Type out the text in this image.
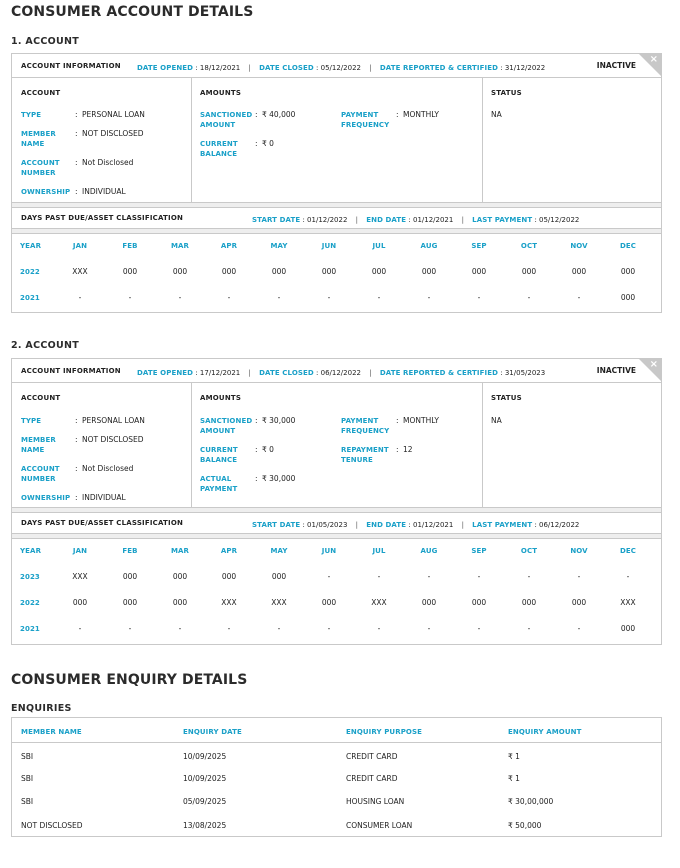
CONSUMER ACCOUNT DETAILS
1. ACCOUNT
ACCOUNT INFORMATION DATE OPENED : 18/12/2021 | DATE CLOSED : 05/12/2022 | DATE REPORTED & CERTIFIED : 31/12/2022	INACTIVE
×
ACCOUNT
TYPE	: PERSONAL LOAN
MEMBER
NAME
: NOT DISCLOSED
ACCOUNT
NUMBER
: Not Disclosed
OWNERSHIP : INDIVIDUAL
AMOUNTS
SANCTIONED
AMOUNT
: ₹ 40,000
CURRENT
BALANCE
: ₹ 0
PAYMENT
FREQUENCY
: MONTHLY
STATUS
NA
DAYS PAST DUE/ASSET CLASSIFICATION	START DATE : 01/12/2022 | END DATE : 01/12/2021 | LAST PAYMENT : 05/12/2022
YEAR	JAN	FEB	MAR	APR	MAY	JUN	JUL	AUG	SEP	OCT	NOV	DEC
2022	XXX	000	000	000	000	000	000	000	000	000	000	000
2021	-	-	-	-	-	-	-	-	-	-	-	000
2. ACCOUNT
ACCOUNT INFORMATION DATE OPENED : 17/12/2021 | DATE CLOSED : 06/12/2022 | DATE REPORTED & CERTIFIED : 31/05/2023	INACTIVE
×
ACCOUNT
TYPE	: PERSONAL LOAN
MEMBER
NAME
: NOT DISCLOSED
ACCOUNT
NUMBER
: Not Disclosed
OWNERSHIP : INDIVIDUAL
AMOUNTS
SANCTIONED
AMOUNT
: ₹ 30,000
CURRENT
BALANCE
: ₹ 0
ACTUAL
PAYMENT
: ₹ 30,000
PAYMENT
FREQUENCY
: MONTHLY
REPAYMENT
TENURE
: 12
STATUS
NA
DAYS PAST DUE/ASSET CLASSIFICATION	START DATE : 01/05/2023 | END DATE : 01/12/2021 | LAST PAYMENT : 06/12/2022
YEAR	JAN	FEB	MAR	APR	MAY	JUN	JUL	AUG	SEP	OCT	NOV	DEC
2023	XXX	000	000	000	000	-	-	-	-	-	-	-
2022	000	000	000	XXX	XXX	000	XXX	000	000	000	000	XXX
2021	-	-	-	-	-	-	-	-	-	-	-	000
CONSUMER ENQUIRY DETAILS
ENQUIRIES
MEMBER NAME	ENQUIRY DATE	ENQUIRY PURPOSE	ENQUIRY AMOUNT
SBI	10/09/2025	CREDIT CARD	₹ 1
SBI	10/09/2025	CREDIT CARD	₹ 1
SBI	05/09/2025	HOUSING LOAN	₹ 30,00,000
NOT DISCLOSED	13/08/2025	CONSUMER LOAN	₹ 50,000
